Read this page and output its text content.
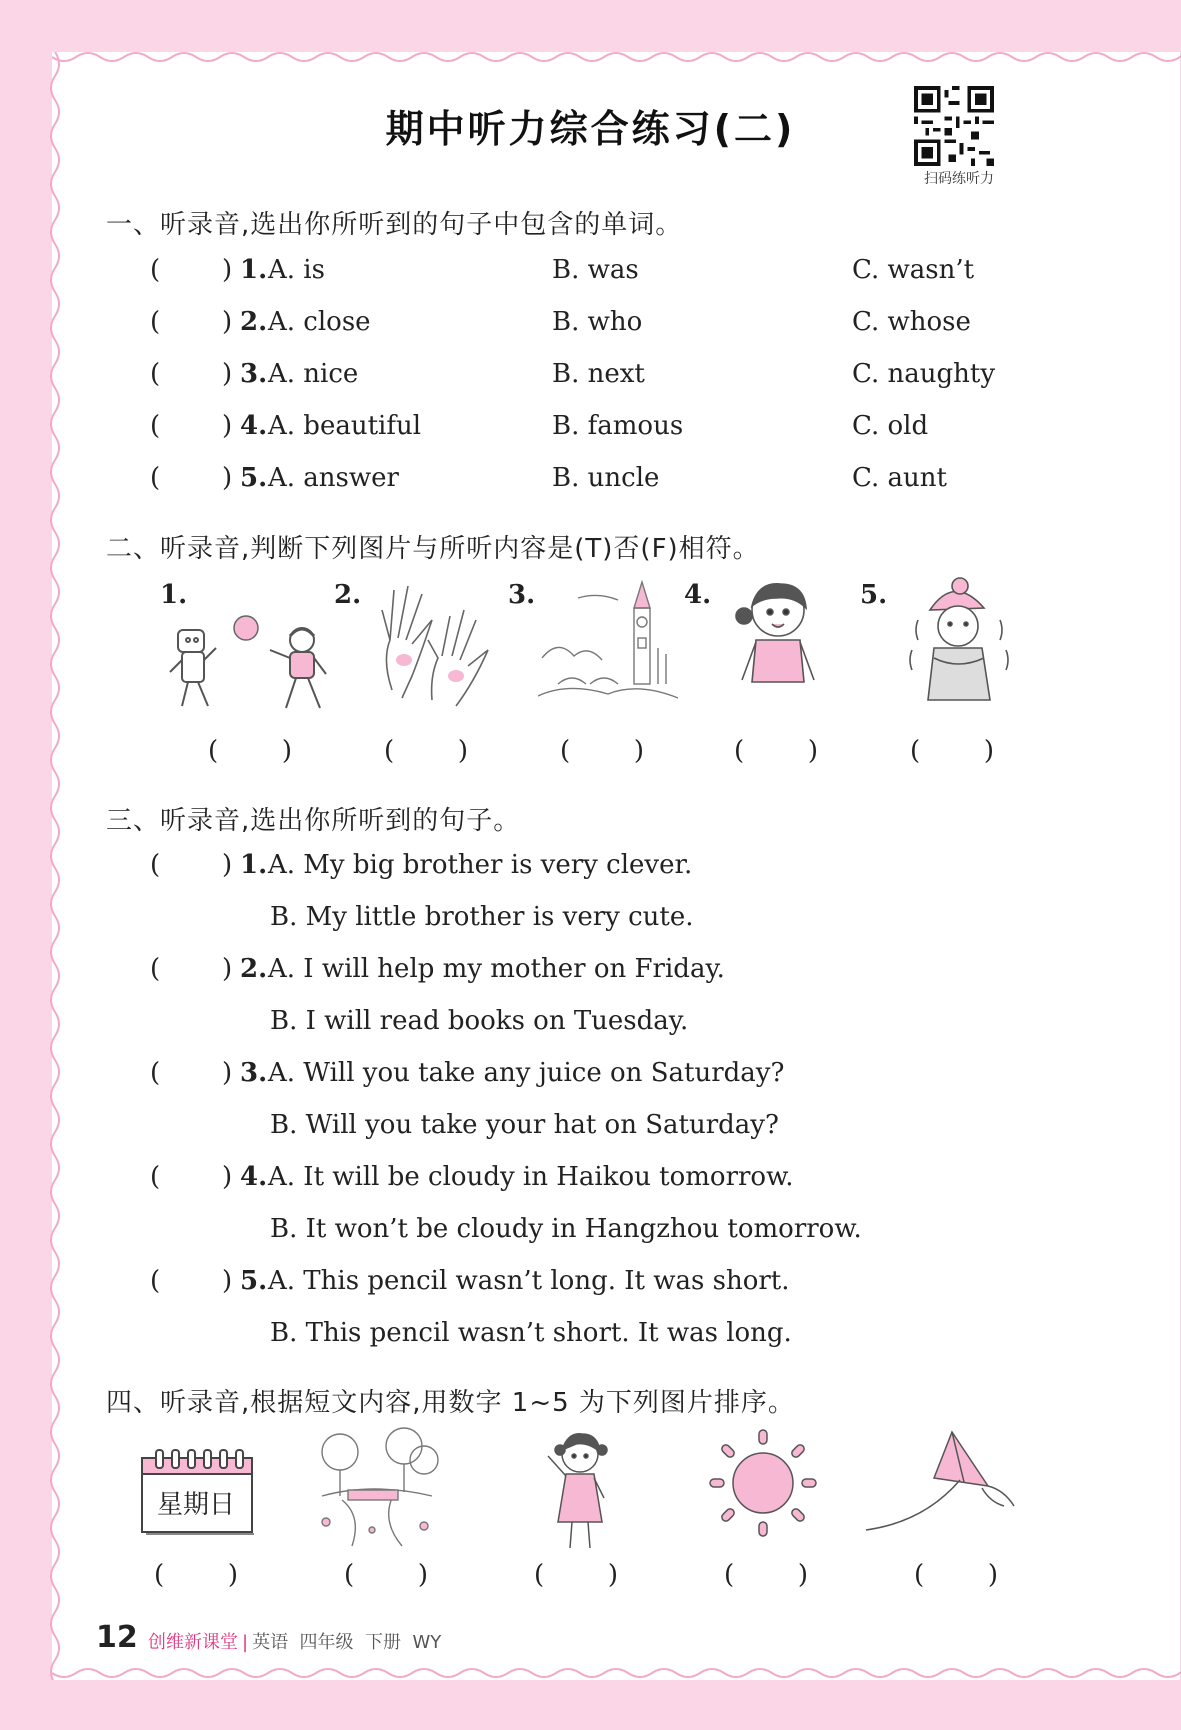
期中听力综合练习(二)
扫码练听力
一、听录音,选出你所听到的句子中包含的单词。
( ) 1. A. is	B. was	C. wasn’t
( ) 2. A. close	B. who	C. whose
( ) 3. A. nice	B. next	C. naughty
( ) 4. A. beautiful	B. famous	C. old
( ) 5. A. answer	B. uncle	C. aunt
二、听录音,判断下列图片与所听内容是(T)否(F)相符。
1.	2.	3.	4.	5.
( )	( )	( )	( )	( )
三、听录音,选出你所听到的句子。
( ) 1. A. My big brother is very clever.
B. My little brother is very cute.
( ) 2. A. I will help my mother on Friday.
B. I will read books on Tuesday.
( ) 3. A. Will you take any juice on Saturday?
B. Will you take your hat on Saturday?
( ) 4. A. It will be cloudy in Haikou tomorrow.
B. It won’t be cloudy in Hangzhou tomorrow.
( ) 5. A. This pencil wasn’t long. It was short.
B. This pencil wasn’t short. It was long.
四、听录音,根据短文内容,用数字 1~5 为下列图片排序。
星期日
( )	( )	( )	( )	( )
12 创维新课堂 | 英语 四年级 下册 WY
